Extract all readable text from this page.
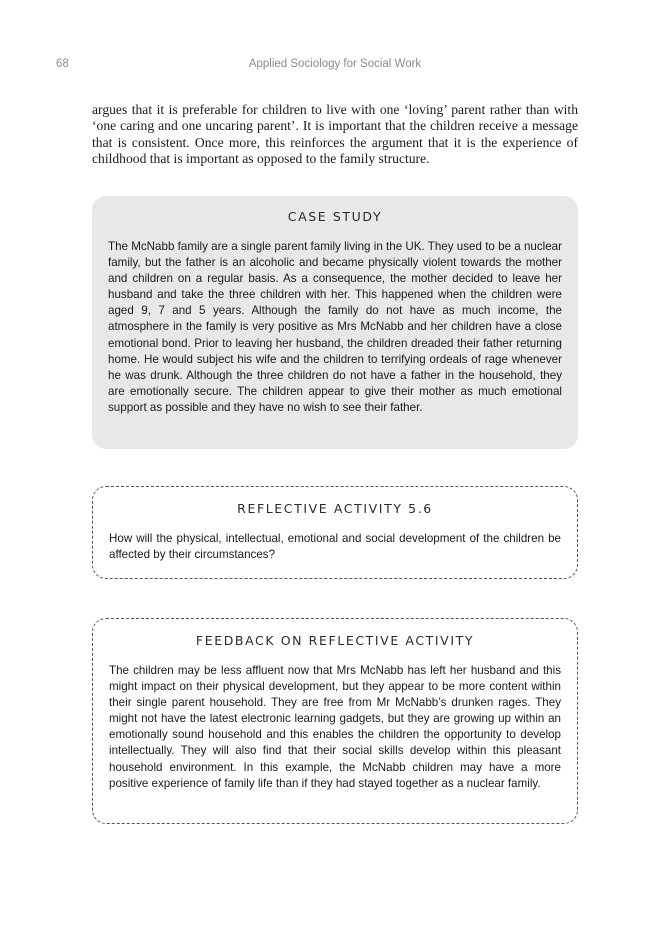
68	Applied Sociology for Social Work

argues that it is preferable for children to live with one ‘loving’ parent rather than with ‘one caring and one uncaring parent’. It is important that the children receive a message that is consistent. Once more, this reinforces the argument that it is the experience of childhood that is important as opposed to the family structure.

CASE STUDY

The McNabb family are a single parent family living in the UK. They used to be a nuclear family, but the father is an alcoholic and became physically violent towards the mother and children on a regular basis. As a consequence, the mother decided to leave her husband and take the three children with her. This happened when the children were aged 9, 7 and 5 years. Although the family do not have as much income, the atmosphere in the family is very positive as Mrs McNabb and her children have a close emotional bond. Prior to leaving her husband, the children dreaded their father returning home. He would subject his wife and the children to terrifying ordeals of rage whenever he was drunk. Although the three children do not have a father in the household, they are emotionally secure. The children appear to give their mother as much emotional support as possible and they have no wish to see their father.

REFLECTIVE ACTIVITY 5.6

How will the physical, intellectual, emotional and social development of the children be affected by their circumstances?

FEEDBACK ON REFLECTIVE ACTIVITY

The children may be less affluent now that Mrs McNabb has left her husband and this might impact on their physical development, but they appear to be more content within their single parent household. They are free from Mr McNabb’s drunken rages. They might not have the latest electronic learning gadgets, but they are growing up within an emotionally sound household and this enables the children the opportunity to develop intellectually. They will also find that their social skills develop within this pleasant household environment. In this example, the McNabb children may have a more positive experience of family life than if they had stayed together as a nuclear family.
